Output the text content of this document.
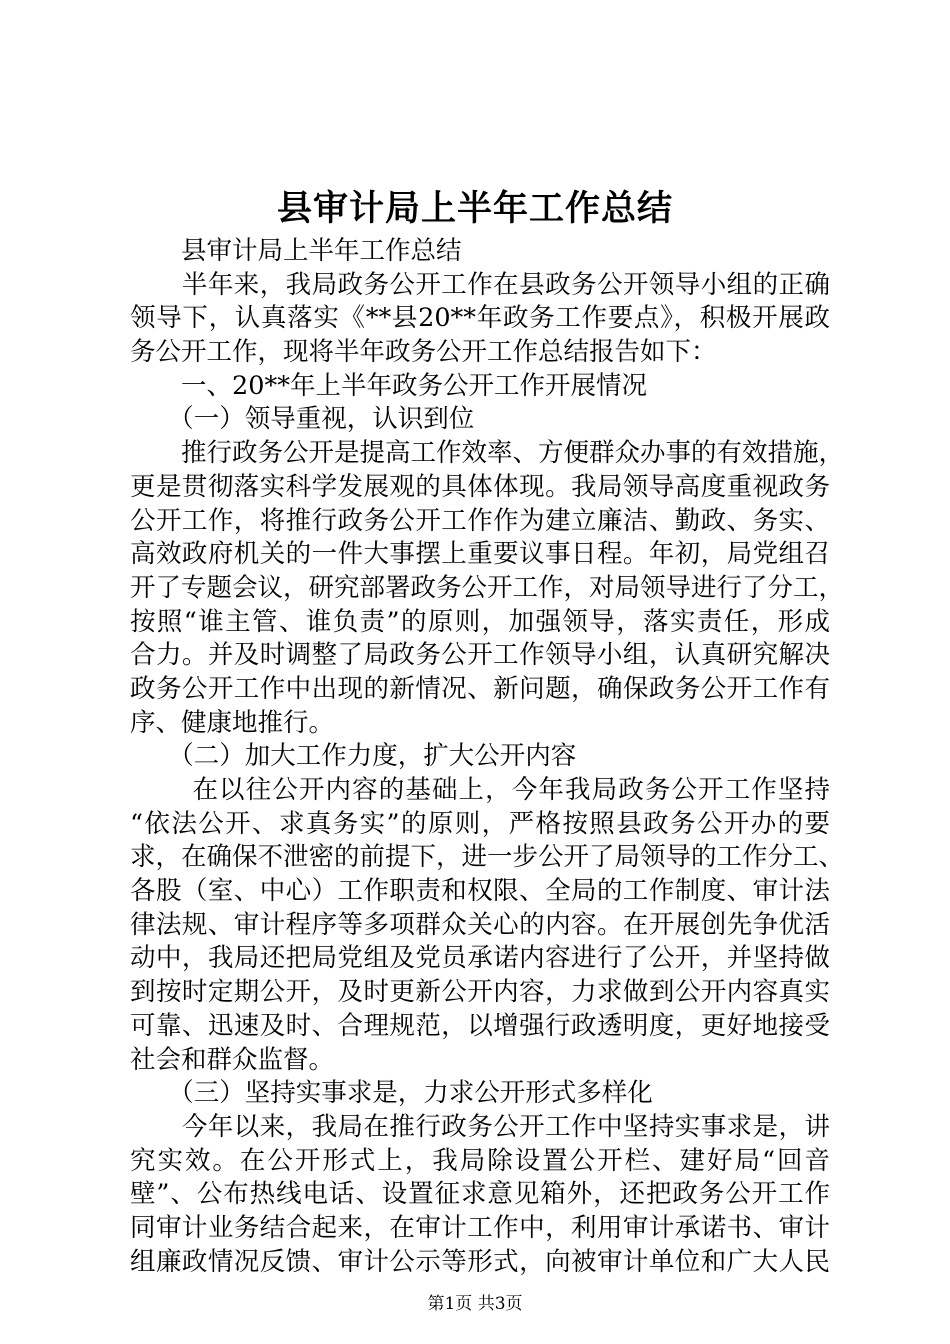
县审计局上半年工作总结
　　县审计局上半年工作总结
　　半年来，我局政务公开工作在县政务公开领导小组的正确
领导下，认真落实《**县20**年政务工作要点》，积极开展政
务公开工作，现将半年政务公开工作总结报告如下：
　　一、20**年上半年政务公开工作开展情况
　　（一）领导重视，认识到位
　　推行政务公开是提高工作效率、方便群众办事的有效措施，
更是贯彻落实科学发展观的具体体现。我局领导高度重视政务
公开工作，将推行政务公开工作作为建立廉洁、勤政、务实、
高效政府机关的一件大事摆上重要议事日程。年初，局党组召
开了专题会议，研究部署政务公开工作，对局领导进行了分工，
按照“谁主管、谁负责”的原则，加强领导，落实责任，形成
合力。并及时调整了局政务公开工作领导小组，认真研究解决
政务公开工作中出现的新情况、新问题，确保政务公开工作有
序、健康地推行。
　　（二）加大工作力度，扩大公开内容
　　 在以往公开内容的基础上，今年我局政务公开工作坚持
“依法公开、求真务实”的原则，严格按照县政务公开办的要
求，在确保不泄密的前提下，进一步公开了局领导的工作分工、
各股（室、中心）工作职责和权限、全局的工作制度、审计法
律法规、审计程序等多项群众关心的内容。在开展创先争优活
动中，我局还把局党组及党员承诺内容进行了公开，并坚持做
到按时定期公开，及时更新公开内容，力求做到公开内容真实
可靠、迅速及时、合理规范，以增强行政透明度，更好地接受
社会和群众监督。
　　（三）坚持实事求是，力求公开形式多样化
　　今年以来，我局在推行政务公开工作中坚持实事求是，讲
究实效。在公开形式上，我局除设置公开栏、建好局“回音
壁”、公布热线电话、设置征求意见箱外，还把政务公开工作
同审计业务结合起来，在审计工作中，利用审计承诺书、审计
组廉政情况反馈、审计公示等形式，向被审计单位和广大人民
第1页 共3页
